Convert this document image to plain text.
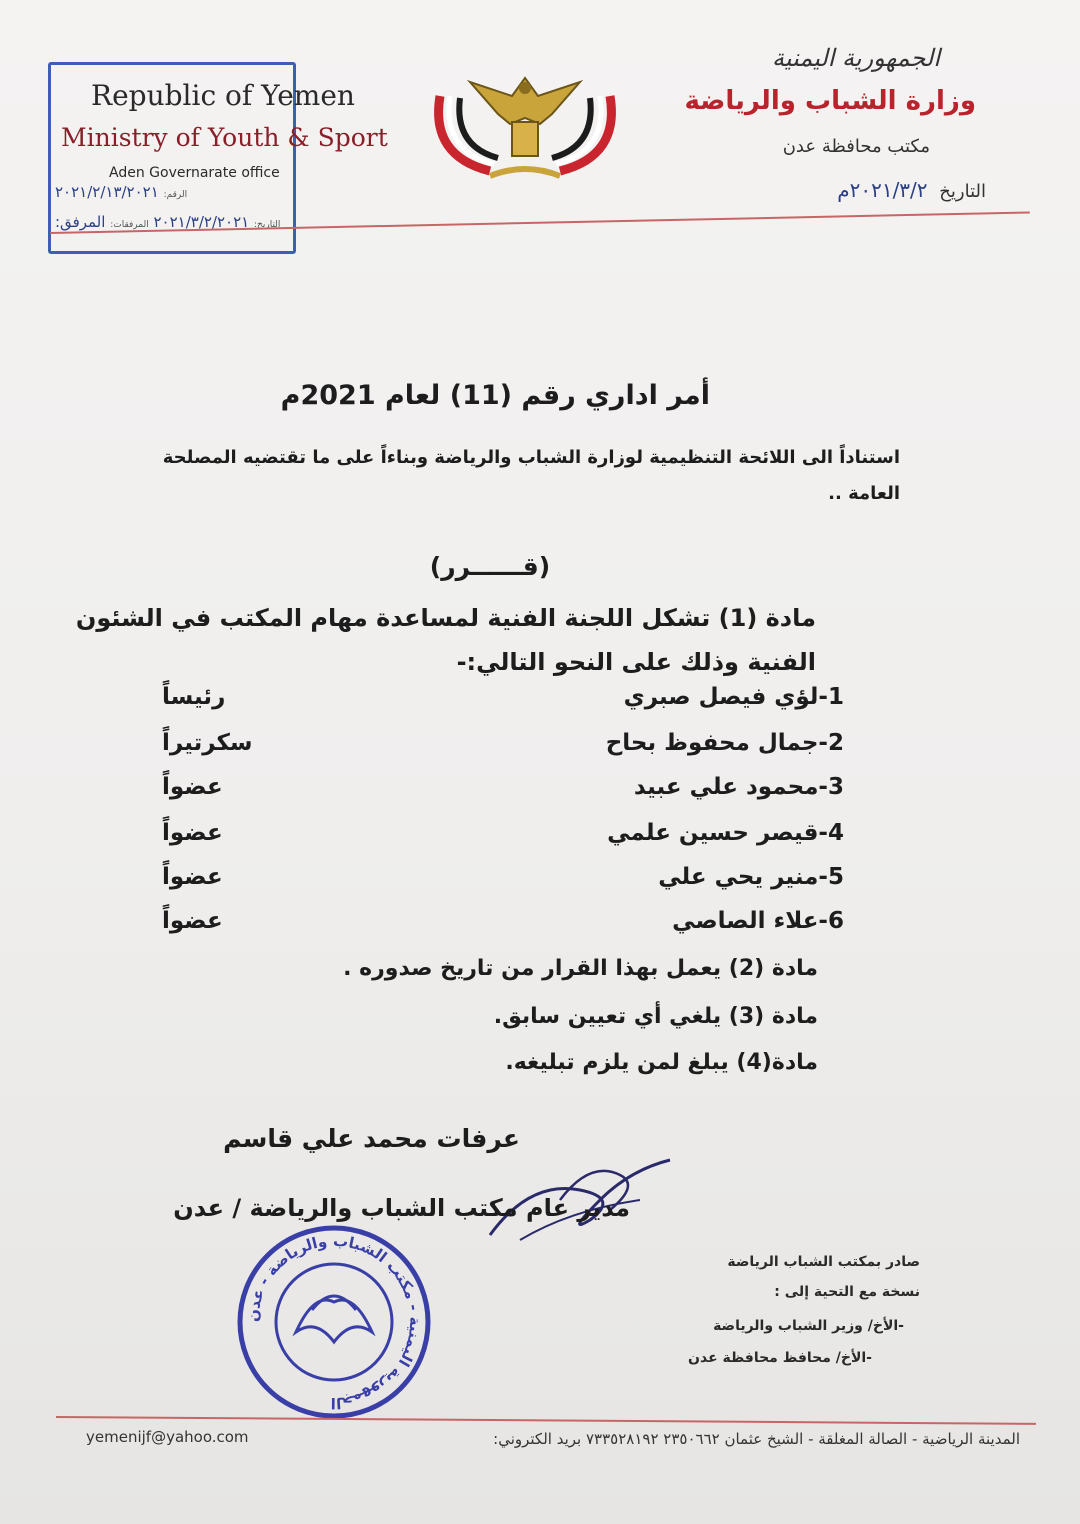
Republic of Yemen
Ministry of Youth & Sport
Aden Governarate office
الرقم: ٢٠٢١/٢/١٣/٢٠٢١
التاريخ: ٢٠٢١/٣/٢/٢٠٢١ المرفقات: المرفق:
الجمهورية اليمنية
وزارة الشباب والرياضة
مكتب محافظة عدن
التاريخ ٢٠٢١/٣/٢م
أمر اداري رقم (11) لعام 2021م
استناداً الى اللائحة التنظيمية لوزارة الشباب والرياضة وبناءاً على ما تقتضيه المصلحة العامة ..
(قــــــرر)
مادة (1) تشكل اللجنة الفنية لمساعدة مهام المكتب في الشئون
الفنية وذلك على النحو التالي:-
1-لؤي فيصل صبري
رئيساً
2-جمال محفوظ بحاح
سكرتيراً
3-محمود علي عبيد
عضواً
4-قيصر حسين علمي
عضواً
5-منير يحي علي
عضواً
6-علاء الصاصي
عضواً
مادة (2) يعمل بهذا القرار من تاريخ صدوره .
مادة (3) يلغي أي تعيين سابق.
مادة(4) يبلغ لمن يلزم تبليغه.
عرفات محمد علي قاسم
مدير عام مكتب الشباب والرياضة / عدن
الجمهورية اليمنية - مكتب الشباب والرياضة - عدن
صادر بمكتب الشباب الرياضة
نسخة مع التحية إلى :
-الأخ/ وزير الشباب والرياضة
-الأخ/ محافظ محافظة عدن
المدينة الرياضية - الصالة المغلقة - الشيخ عثمان ٢٣٥٠٦٦٢ ٧٣٣٥٢٨١٩٢ بريد الكتروني:
yemenijf@yahoo.com
